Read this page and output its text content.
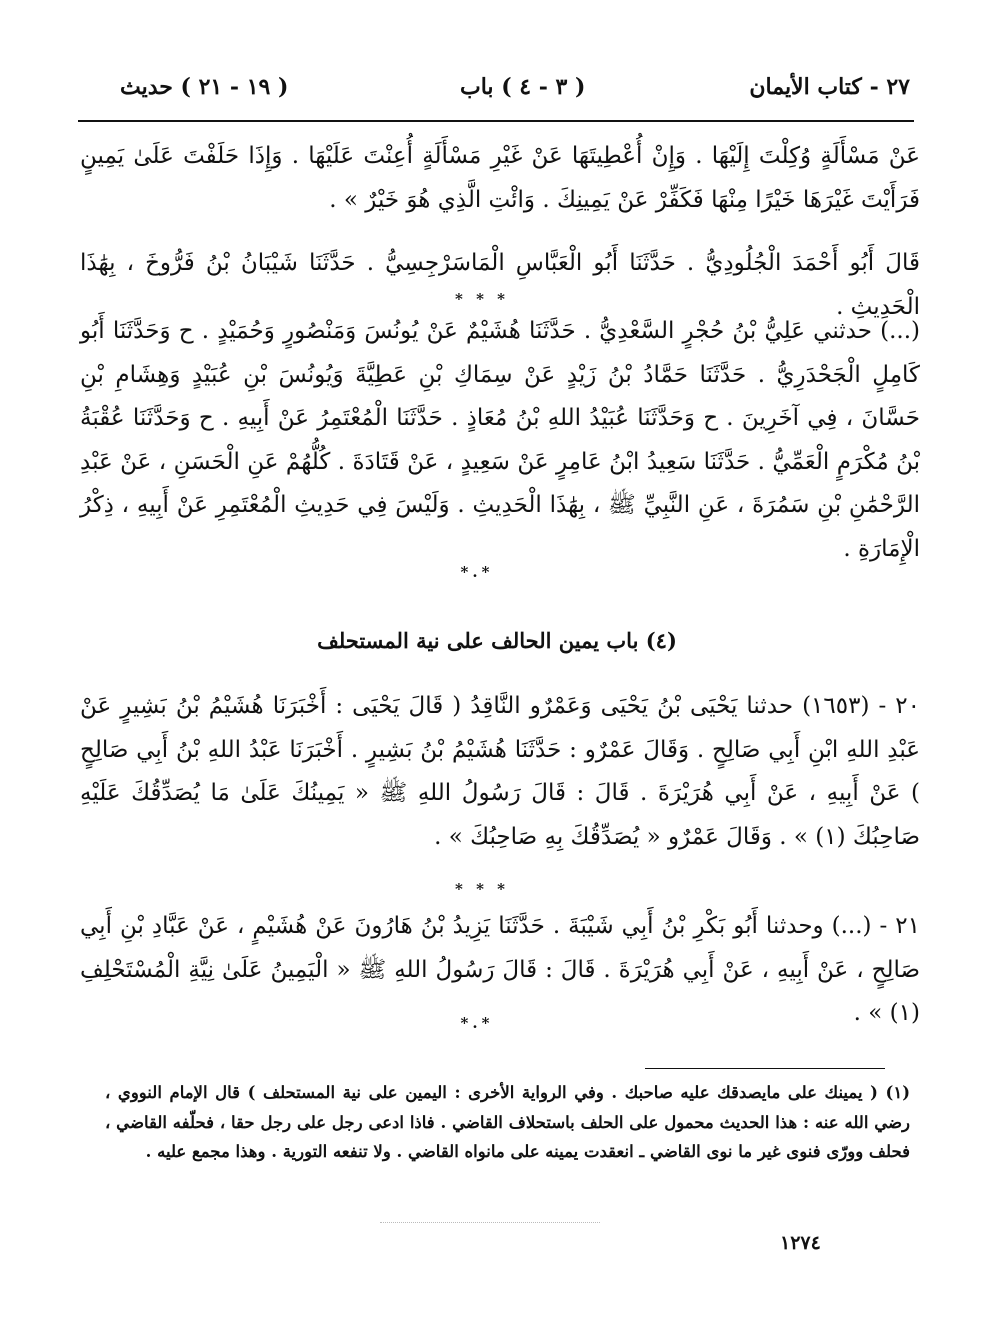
٢٧ - كتاب الأيمان
( ٣ - ٤ ) باب
( ١٩ - ٢١ ) حديث
عَنْ مَسْأَلَةٍ وُكِلْتَ إِلَيْهَا . وَإِنْ أُعْطِيتَهَا عَنْ غَيْرِ مَسْأَلَةٍ أُعِنْتَ عَلَيْهَا . وَإِذَا حَلَفْتَ عَلَىٰ يَمِينٍ فَرَأَيْتَ غَيْرَهَا خَيْرًا مِنْهَا فَكَفِّرْ عَنْ يَمِينِكَ . وَائْتِ الَّذِي هُوَ خَيْرٌ » .
قَالَ أَبُو أَحْمَدَ الْجُلُودِيُّ . حَدَّثَنَا أَبُو الْعَبَّاسِ الْمَاسَرْجِسِيُّ . حَدَّثَنَا شَيْبَانُ بْنُ فَرُّوخَ ، بِهَٰذَا الْحَدِيثِ .
* * *
(...) حدثني عَلِيُّ بْنُ حُجْرٍ السَّعْدِيُّ . حَدَّثَنَا هُشَيْمٌ عَنْ يُونُسَ وَمَنْصُورٍ وَحُمَيْدٍ . ح وَحَدَّثَنَا أَبُو كَامِلٍ الْجَحْدَرِيُّ . حَدَّثَنَا حَمَّادُ بْنُ زَيْدٍ عَنْ سِمَاكِ بْنِ عَطِيَّةَ وَيُونُسَ بْنِ عُبَيْدٍ وَهِشَامِ بْنِ حَسَّانَ ، فِي آخَرِينَ . ح وَحَدَّثَنَا عُبَيْدُ اللهِ بْنُ مُعَاذٍ . حَدَّثَنَا الْمُعْتَمِرُ عَنْ أَبِيهِ . ح وَحَدَّثَنَا عُقْبَةُ بْنُ مُكْرَمٍ الْعَمِّيُّ . حَدَّثَنَا سَعِيدُ ابْنُ عَامِرٍ عَنْ سَعِيدٍ ، عَنْ قَتَادَةَ . كُلُّهُمْ عَنِ الْحَسَنِ ، عَنْ عَبْدِ الرَّحْمَٰنِ بْنِ سَمُرَةَ ، عَنِ النَّبِيِّ ﷺ ، بِهَٰذَا الْحَدِيثِ . وَلَيْسَ فِي حَدِيثِ الْمُعْتَمِرِ عَنْ أَبِيهِ ، ذِكْرُ الْإِمَارَةِ .
*.*
(٤) باب يمين الحالف على نية المستحلف
٢٠ - (١٦٥٣) حدثنا يَحْيَى بْنُ يَحْيَى وَعَمْرٌو النَّاقِدُ ( قَالَ يَحْيَى : أَخْبَرَنَا هُشَيْمُ بْنُ بَشِيرٍ عَنْ عَبْدِ اللهِ ابْنِ أَبِي صَالِحٍ . وَقَالَ عَمْرٌو : حَدَّثَنَا هُشَيْمُ بْنُ بَشِيرٍ . أَخْبَرَنَا عَبْدُ اللهِ بْنُ أَبِي صَالِحٍ ) عَنْ أَبِيهِ ، عَنْ أَبِي هُرَيْرَةَ . قَالَ : قَالَ رَسُولُ اللهِ ﷺ « يَمِينُكَ عَلَىٰ مَا يُصَدِّقُكَ عَلَيْهِ صَاحِبُكَ (١) » . وَقَالَ عَمْرٌو « يُصَدِّقُكَ بِهِ صَاحِبُكَ » .
* * *
٢١ - (...) وحدثنا أَبُو بَكْرِ بْنُ أَبِي شَيْبَةَ . حَدَّثَنَا يَزِيدُ بْنُ هَارُونَ عَنْ هُشَيْمٍ ، عَنْ عَبَّادِ بْنِ أَبِي صَالِحٍ ، عَنْ أَبِيهِ ، عَنْ أَبِي هُرَيْرَةَ . قَالَ : قَالَ رَسُولُ اللهِ ﷺ « الْيَمِينُ عَلَىٰ نِيَّةِ الْمُسْتَحْلِفِ (١) » .
*.*
(١) ( يمينك على مايصدقك عليه صاحبك . وفي الرواية الأخرى : اليمين على نية المستحلف ) قال الإمام النووي ، رضي الله عنه : هذا الحديث محمول على الحلف باستحلاف القاضي . فاذا ادعى رجل على رجل حقا ، فحلّفه القاضي ، فحلف وورّى فنوى غير ما نوى القاضي ـ انعقدت يمينه على مانواه القاضي . ولا تنفعه التورية . وهذا مجمع عليه .
١٢٧٤
